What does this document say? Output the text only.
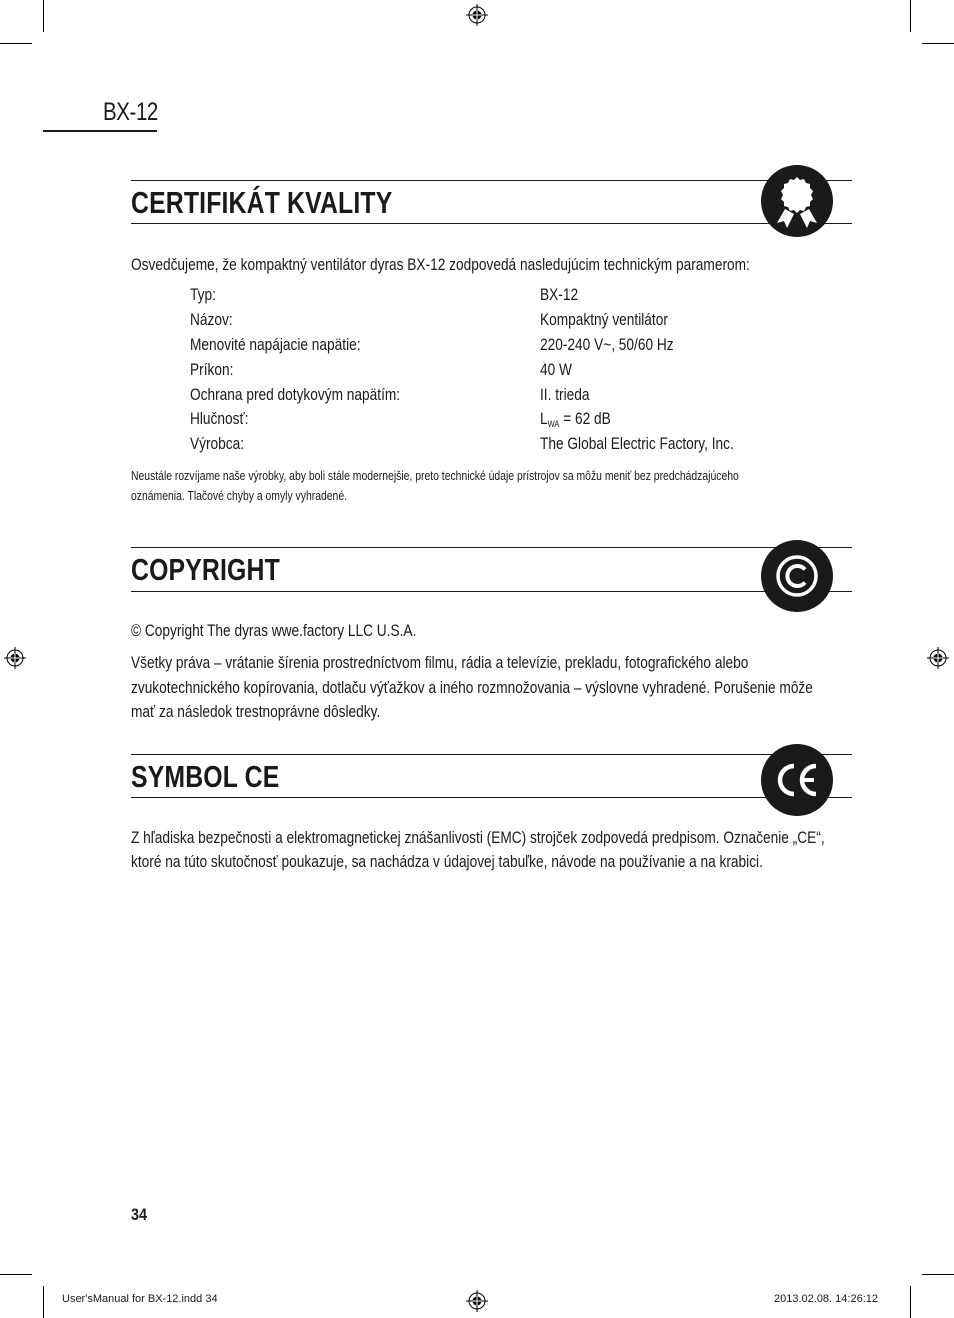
BX-12
CERTIFIKÁT KVALITY
Osvedčujeme, že kompaktný ventilátor dyras BX-12 zodpovedá nasledujúcim technickým paramerom:
Typ:	BX-12
Názov:	Kompaktný ventilátor
Menovité napájacie napätie:	220-240 V~, 50/60 Hz
Príkon:	40 W
Ochrana pred dotykovým napätím:	II. trieda
Hlučnosť:	$L_{WA} = 62$ dB
Výrobca:	The Global Electric Factory, Inc.
Neustále rozvíjame naše výrobky, aby boli stále modernejšie, preto technické údaje prístrojov sa môžu meniť bez predchádzajúceho
oznámenia. Tlačové chyby a omyly vyhradené.
COPYRIGHT
© Copyright The dyras wwe.factory LLC U.S.A.
Všetky práva – vrátanie šírenia prostredníctvom filmu, rádia a televízie, prekladu, fotografického alebo
zvukotechnického kopírovania, dotlaču výťažkov a iného rozmnožovania – výslovne vyhradené. Porušenie môže
mať za následok trestnoprávne dôsledky.
SYMBOL CE
Z hľadiska bezpečnosti a elektromagnetickej znášanlivosti (EMC) strojček zodpovedá predpisom. Označenie „CE“,
ktoré na túto skutočnosť poukazuje, sa nachádza v údajovej tabuľke, návode na používanie a na krabici.
34
User'sManual for BX-12.indd 34	2013.02.08. 14:26:12
